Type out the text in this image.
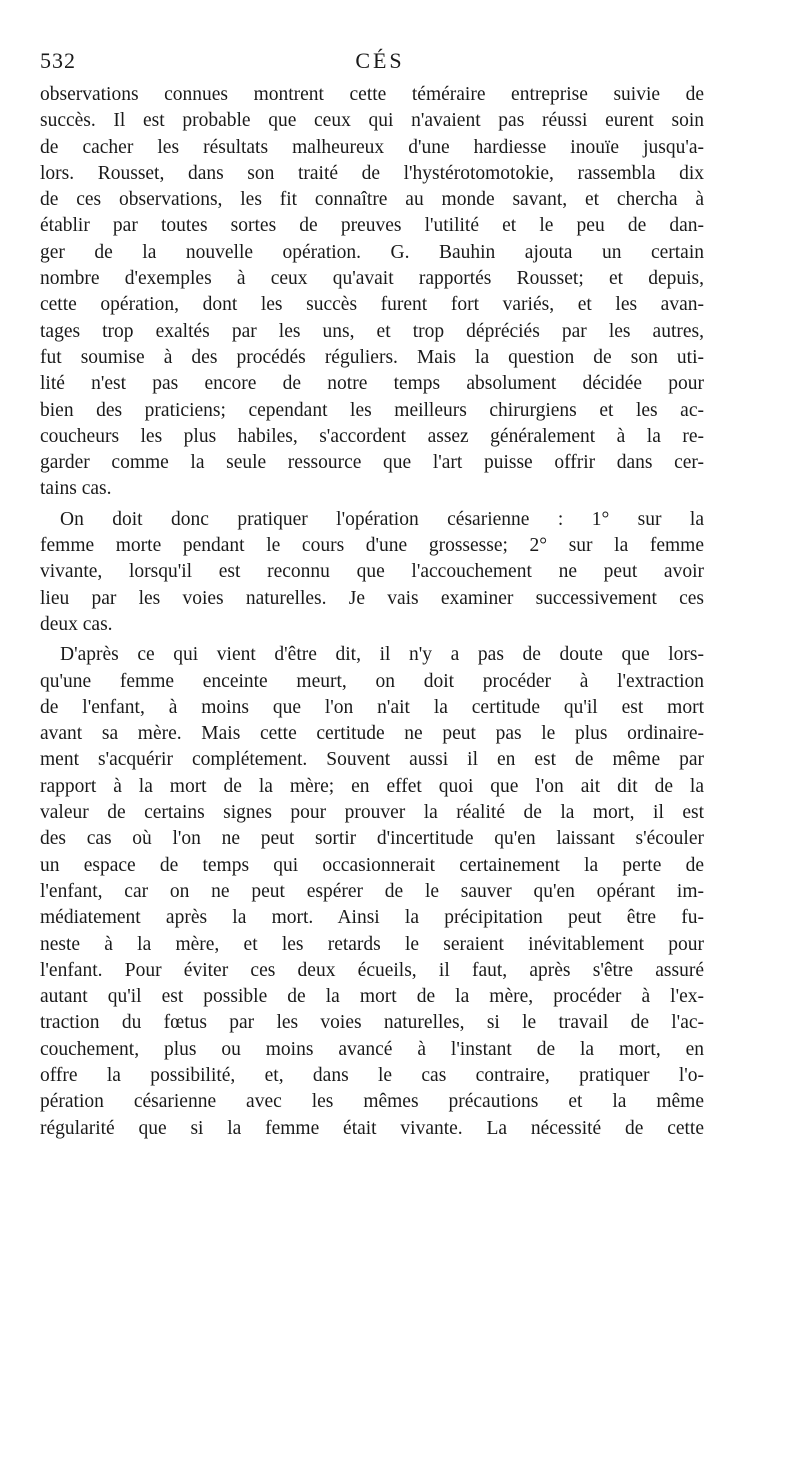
532	CÉS
observations connues montrent cette téméraire entreprise suivie de
succès. Il est probable que ceux qui n'avaient pas réussi eurent soin
de cacher les résultats malheureux d'une hardiesse inouïe jusqu'a-
lors. Rousset, dans son traité de l'hystérotomotokie, rassembla dix
de ces observations, les fit connaître au monde savant, et chercha à
établir par toutes sortes de preuves l'utilité et le peu de dan-
ger de la nouvelle opération. G. Bauhin ajouta un certain
nombre d'exemples à ceux qu'avait rapportés Rousset; et depuis,
cette opération, dont les succès furent fort variés, et les avan-
tages trop exaltés par les uns, et trop dépréciés par les autres,
fut soumise à des procédés réguliers. Mais la question de son uti-
lité n'est pas encore de notre temps absolument décidée pour
bien des praticiens; cependant les meilleurs chirurgiens et les ac-
coucheurs les plus habiles, s'accordent assez généralement à la re-
garder comme la seule ressource que l'art puisse offrir dans cer-
tains cas.
On doit donc pratiquer l'opération césarienne : 1° sur la
femme morte pendant le cours d'une grossesse; 2° sur la femme
vivante, lorsqu'il est reconnu que l'accouchement ne peut avoir
lieu par les voies naturelles. Je vais examiner successivement ces
deux cas.
D'après ce qui vient d'être dit, il n'y a pas de doute que lors-
qu'une femme enceinte meurt, on doit procéder à l'extraction
de l'enfant, à moins que l'on n'ait la certitude qu'il est mort
avant sa mère. Mais cette certitude ne peut pas le plus ordinaire-
ment s'acquérir complétement. Souvent aussi il en est de même par
rapport à la mort de la mère; en effet quoi que l'on ait dit de la
valeur de certains signes pour prouver la réalité de la mort, il est
des cas où l'on ne peut sortir d'incertitude qu'en laissant s'écouler
un espace de temps qui occasionnerait certainement la perte de
l'enfant, car on ne peut espérer de le sauver qu'en opérant im-
médiatement après la mort. Ainsi la précipitation peut être fu-
neste à la mère, et les retards le seraient inévitablement pour
l'enfant. Pour éviter ces deux écueils, il faut, après s'être assuré
autant qu'il est possible de la mort de la mère, procéder à l'ex-
traction du fœtus par les voies naturelles, si le travail de l'ac-
couchement, plus ou moins avancé à l'instant de la mort, en
offre la possibilité, et, dans le cas contraire, pratiquer l'o-
pération césarienne avec les mêmes précautions et la même
régularité que si la femme était vivante. La nécessité de cette
